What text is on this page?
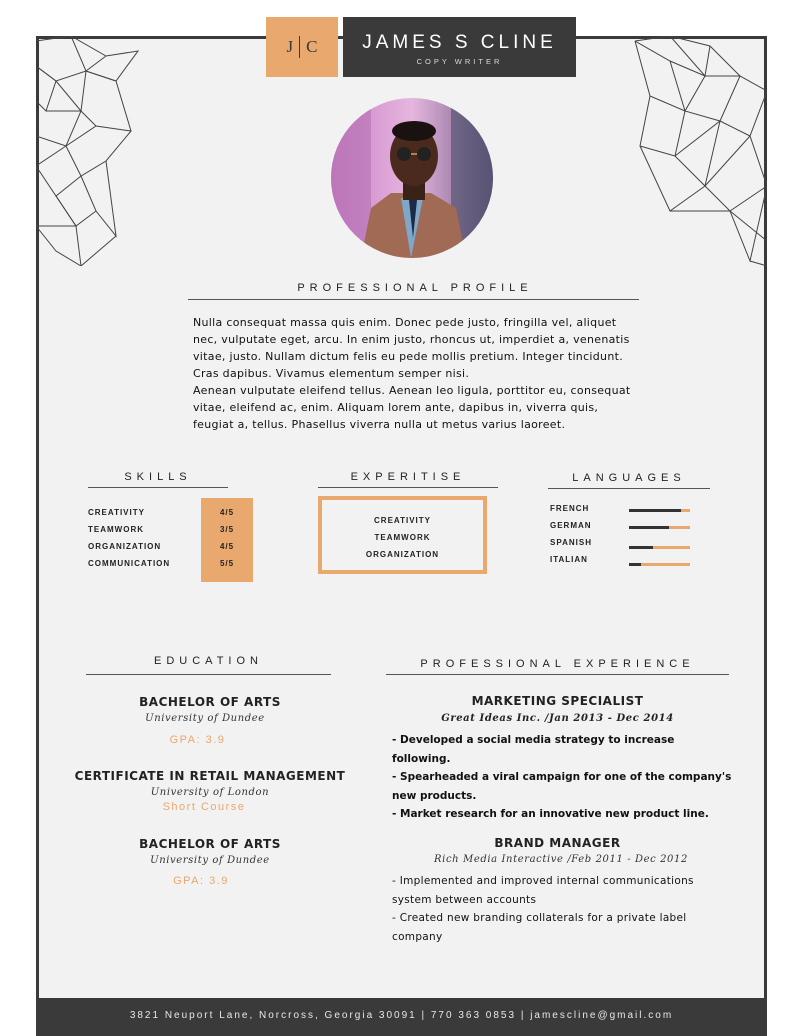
J C	JAMES S CLINE
COPY WRITER
PROFESSIONAL PROFILE

Nulla consequat massa quis enim. Donec pede justo, fringilla vel, aliquet

nec, vulputate eget, arcu. In enim justo, rhoncus ut, imperdiet a, venenatis

vitae, justo. Nullam dictum felis eu pede mollis pretium. Integer tincidunt.

Cras dapibus. Vivamus elementum semper nisi.

Aenean vulputate eleifend tellus. Aenean leo ligula, porttitor eu, consequat

vitae, eleifend ac, enim. Aliquam lorem ante, dapibus in, viverra quis,

feugiat a, tellus. Phasellus viverra nulla ut metus varius laoreet.

SKILLS
4/5
3/5
4/5
5/5
CREATIVITY
TEAMWORK
ORGANIZATION
COMMUNICATION
EXPERITISE
CREATIVITY
TEAMWORK
ORGANIZATION
LANGUAGES
FRENCH
GERMAN
SPANISH
ITALIAN
EDUCATION
BACHELOR OF ARTS
University of Dundee
GPA: 3.9
CERTIFICATE IN RETAIL MANAGEMENT
University of London
Short Course
BACHELOR OF ARTS
University of Dundee
GPA: 3.9
PROFESSIONAL EXPERIENCE
MARKETING SPECIALIST
Great Ideas Inc. /Jan 2013 - Dec 2014
- Developed a social media strategy to increase
following.
- Spearheaded a viral campaign for one of the company's
new products.
- Market research for an innovative new product line.
BRAND MANAGER
Rich Media Interactive /Feb 2011 - Dec 2012
- Implemented and improved internal communications
system between accounts
- Created new branding collaterals for a private label
company
3821 Neuport Lane, Norcross, Georgia 30091 | 770 363 0853 | jamescline@gmail.com
